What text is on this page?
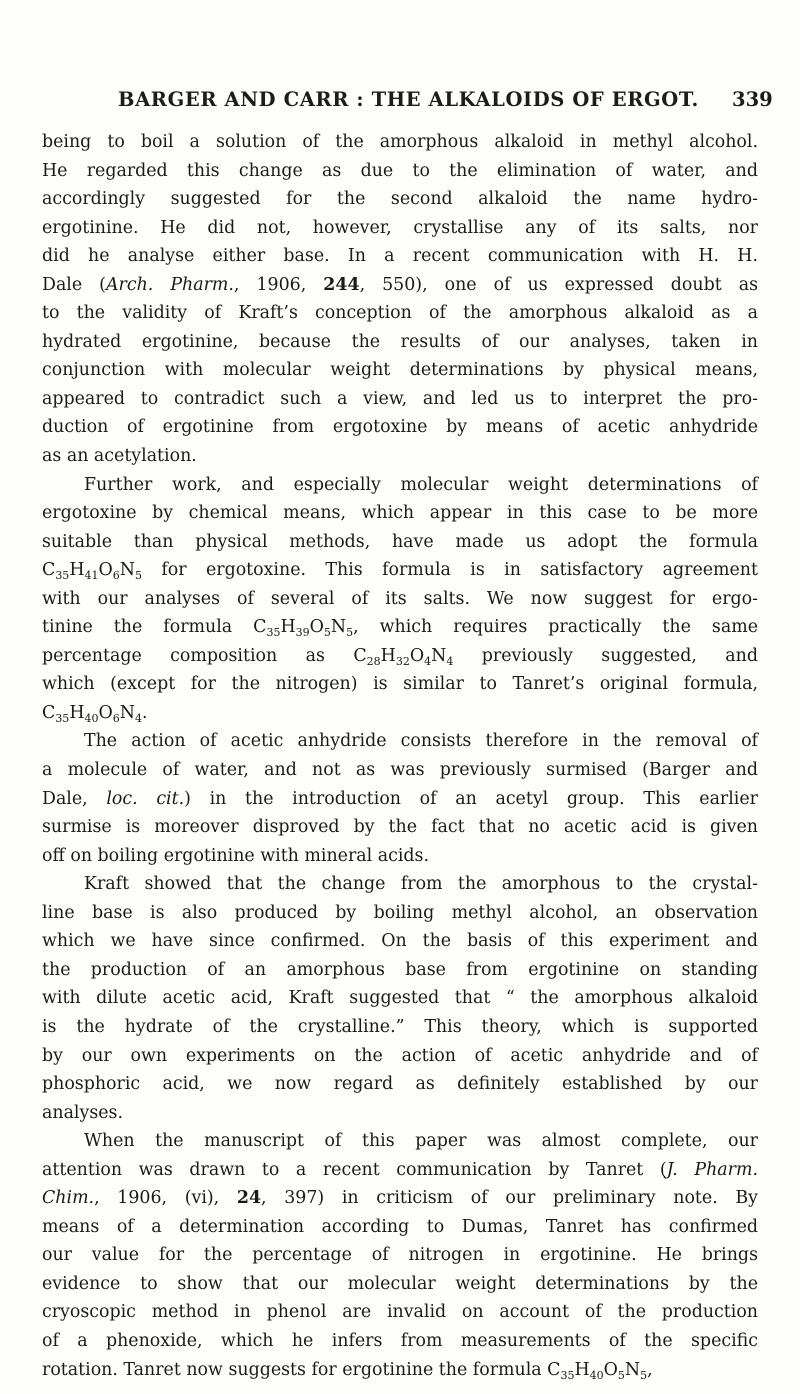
BARGER AND CARR : THE ALKALOIDS OF ERGOT.	339
being to boil a solution of the amorphous alkaloid in methyl alcohol.
He regarded this change as due to the elimination of water, and
accordingly suggested for the second alkaloid the name hydro-
ergotinine. He did not, however, crystallise any of its salts, nor
did he analyse either base. In a recent communication with H. H.
Dale (Arch. Pharm., 1906, 244, 550), one of us expressed doubt as
to the validity of Kraft’s conception of the amorphous alkaloid as a
hydrated ergotinine, because the results of our analyses, taken in
conjunction with molecular weight determinations by physical means,
appeared to contradict such a view, and led us to interpret the pro-
duction of ergotinine from ergotoxine by means of acetic anhydride
as an acetylation.
Further work, and especially molecular weight determinations of
ergotoxine by chemical means, which appear in this case to be more
suitable than physical methods, have made us adopt the formula
$C_{35}H_{41}O_6N_5$ for ergotoxine. This formula is in satisfactory agreement
with our analyses of several of its salts. We now suggest for ergo-
tinine the formula $C_{35}H_{39}O_5N_5$, which requires practically the same
percentage composition as $C_{28}H_{32}O_4N_4$ previously suggested, and
which (except for the nitrogen) is similar to Tanret’s original formula,
$C_{35}H_{40}O_6N_4$.
The action of acetic anhydride consists therefore in the removal of
a molecule of water, and not as was previously surmised (Barger and
Dale, loc. cit.) in the introduction of an acetyl group. This earlier
surmise is moreover disproved by the fact that no acetic acid is given
off on boiling ergotinine with mineral acids.
Kraft showed that the change from the amorphous to the crystal-
line base is also produced by boiling methyl alcohol, an observation
which we have since confirmed. On the basis of this experiment and
the production of an amorphous base from ergotinine on standing
with dilute acetic acid, Kraft suggested that “ the amorphous alkaloid
is the hydrate of the crystalline.” This theory, which is supported
by our own experiments on the action of acetic anhydride and of
phosphoric acid, we now regard as definitely established by our
analyses.
When the manuscript of this paper was almost complete, our
attention was drawn to a recent communication by Tanret (J. Pharm.
Chim., 1906, (vi), 24, 397) in criticism of our preliminary note. By
means of a determination according to Dumas, Tanret has confirmed
our value for the percentage of nitrogen in ergotinine. He brings
evidence to show that our molecular weight determinations by the
cryoscopic method in phenol are invalid on account of the production
of a phenoxide, which he infers from measurements of the specific
rotation. Tanret now suggests for ergotinine the formula $C_{35}H_{40}O_5N_5$,
